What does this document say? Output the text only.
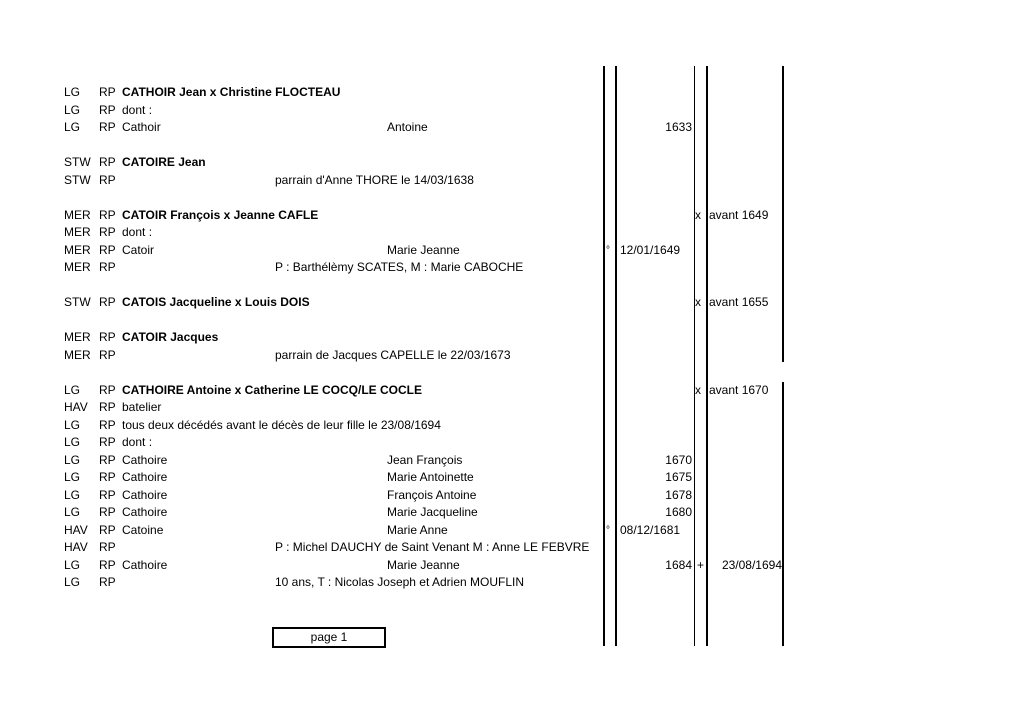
LG RP CATHOIR Jean x Christine FLOCTEAU
LG RP dont :
LG RP Cathoir	Antoine	1633
STW RP CATOIRE Jean
STW RP	parrain d'Anne THORE le 14/03/1638
MER RP CATOIR François x Jeanne CAFLE	x avant 1649
MER RP dont :
MER RP Catoir	Marie Jeanne	° 12/01/1649
MER RP	P : Barthélèmy SCATES, M : Marie CABOCHE
STW RP CATOIS Jacqueline x Louis DOIS	x avant 1655
MER RP CATOIR Jacques
MER RP	parrain de Jacques CAPELLE le 22/03/1673
LG RP CATHOIRE Antoine x Catherine LE COCQ/LE COCLE	x avant 1670
HAV RP batelier
LG RP tous deux décédés avant le décès de leur fille le 23/08/1694
LG RP dont :
LG RP Cathoire	Jean François	1670
LG RP Cathoire	Marie Antoinette	1675
LG RP Cathoire	François Antoine	1678
LG RP Cathoire	Marie Jacqueline	1680
HAV RP Catoine	Marie Anne	° 08/12/1681
HAV RP	P : Michel DAUCHY de Saint Venant M : Anne LE FEBVRE
LG RP Cathoire	Marie Jeanne	1684 +	23/08/1694
LG RP	10 ans, T : Nicolas Joseph et Adrien MOUFLIN
page 1
